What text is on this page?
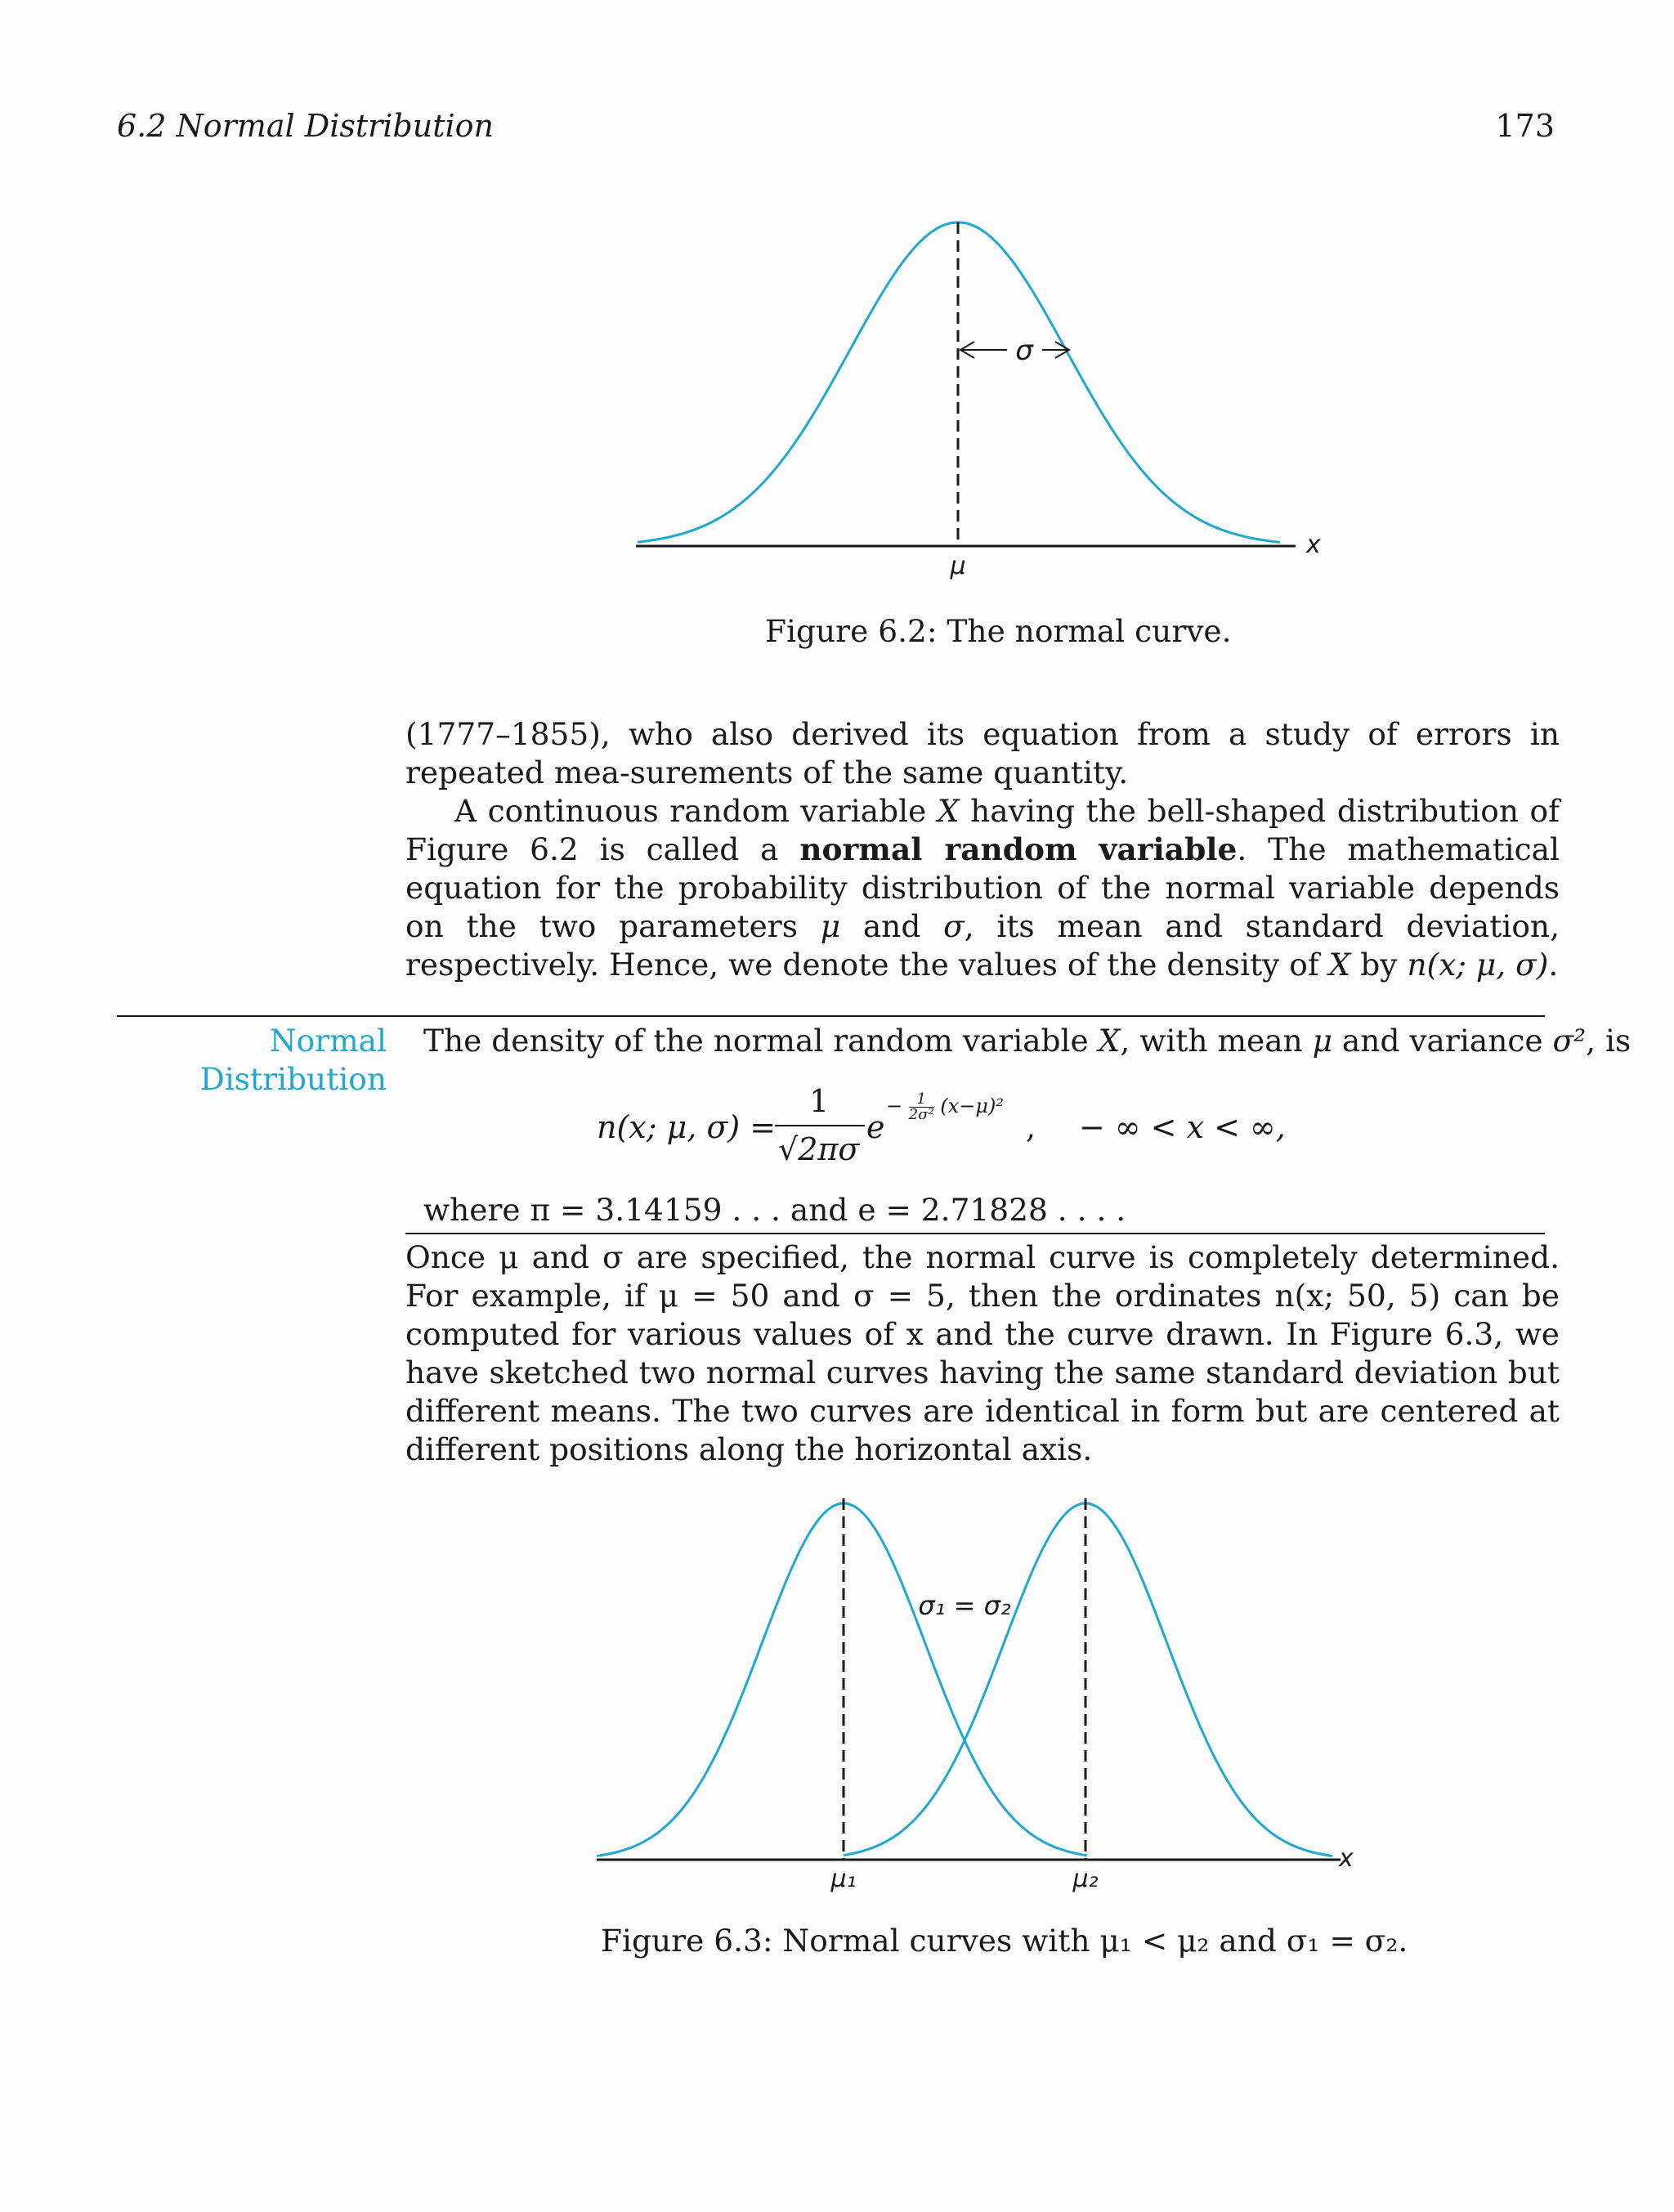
6.2 Normal Distribution	173
σ
μ
x
Figure 6.2: The normal curve.

(1777–1855), who also derived its equation from a study of errors in repeated mea-surements of the same quantity.

A continuous random variable X having the bell-shaped distribution of Figure 6.2 is called a normal random variable. The mathematical equation for the probability distribution of the normal variable depends on the two parameters μ and σ, its mean and standard deviation, respectively. Hence, we denote the values of the density of X by n(x; μ, σ).

Normal
Distribution
The density of the normal random variable X, with mean μ and variance σ², is
n(x; μ, σ) =
1
√2πσ
e
− $\frac{1}{\text{2σ²}} (x-\mu)^2$
, − ∞ < x < ∞,
where π = 3.14159 . . . and e = 2.71828 . . . .

Once μ and σ are specified, the normal curve is completely determined. For example, if μ = 50 and σ = 5, then the ordinates n(x; 50, 5) can be computed for various values of x and the curve drawn. In Figure 6.3, we have sketched two normal curves having the same standard deviation but different means. The two curves are identical in form but are centered at different positions along the horizontal axis.

σ₁ = σ₂
μ₁	μ₂
x
Figure 6.3: Normal curves with μ₁ < μ₂ and σ₁ = σ₂.
